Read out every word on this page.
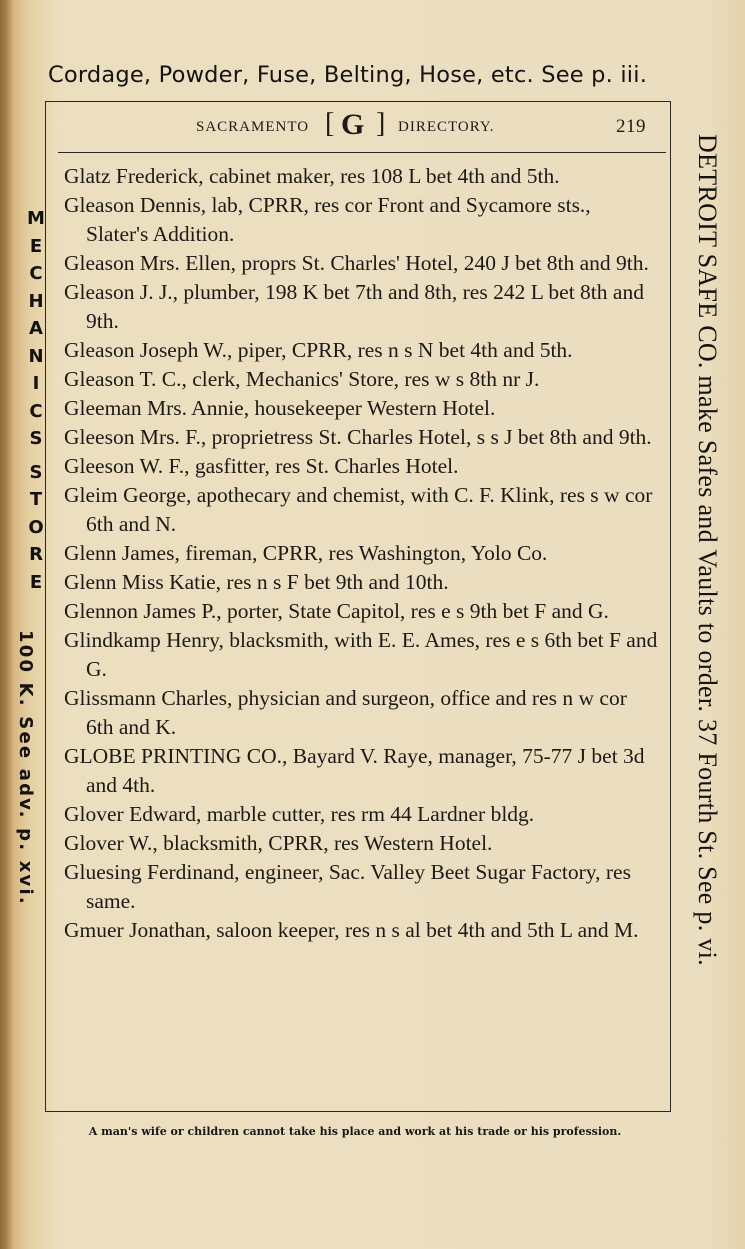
Cordage, Powder, Fuse, Belting, Hose, etc. See p. iii.
SACRAMENTO [ G ] DIRECTORY.	219
Glatz Frederick, cabinet maker, res 108 L bet 4th and 5th.
Gleason Dennis, lab, CPRR, res cor Front and Sycamore sts., Slater's Addition.
Gleason Mrs. Ellen, proprs St. Charles' Hotel, 240 J bet 8th and 9th.
Gleason J. J., plumber, 198 K bet 7th and 8th, res 242 L bet 8th and 9th.
Gleason Joseph W., piper, CPRR, res n s N bet 4th and 5th.
Gleason T. C., clerk, Mechanics' Store, res w s 8th nr J.
Gleeman Mrs. Annie, housekeeper Western Hotel.
Gleeson Mrs. F., proprietress St. Charles Hotel, s s J bet 8th and 9th.
Gleeson W. F., gasfitter, res St. Charles Hotel.
Gleim George, apothecary and chemist, with C. F. Klink, res s w cor 6th and N.
Glenn James, fireman, CPRR, res Washington, Yolo Co.
Glenn Miss Katie, res n s F bet 9th and 10th.
Glennon James P., porter, State Capitol, res e s 9th bet F and G.
Glindkamp Henry, blacksmith, with E. E. Ames, res e s 6th bet F and G.
Glissmann Charles, physician and surgeon, office and res n w cor 6th and K.
GLOBE PRINTING CO., Bayard V. Raye, manager, 75-77 J bet 3d and 4th.
Glover Edward, marble cutter, res rm 44 Lardner bldg.
Glover W., blacksmith, CPRR, res Western Hotel.
Gluesing Ferdinand, engineer, Sac. Valley Beet Sugar Factory, res same.
Gmuer Jonathan, saloon keeper, res n s al bet 4th and 5th L and M.
A man's wife or children cannot take his place and work at his trade or his profession.
M
E
C
H
A
N
I
C
S
S
T
O
R
E
100 K. See adv. p. xvi.	DETROIT SAFE CO. make Safes and Vaults to order. 37 Fourth St. See p. vi.
